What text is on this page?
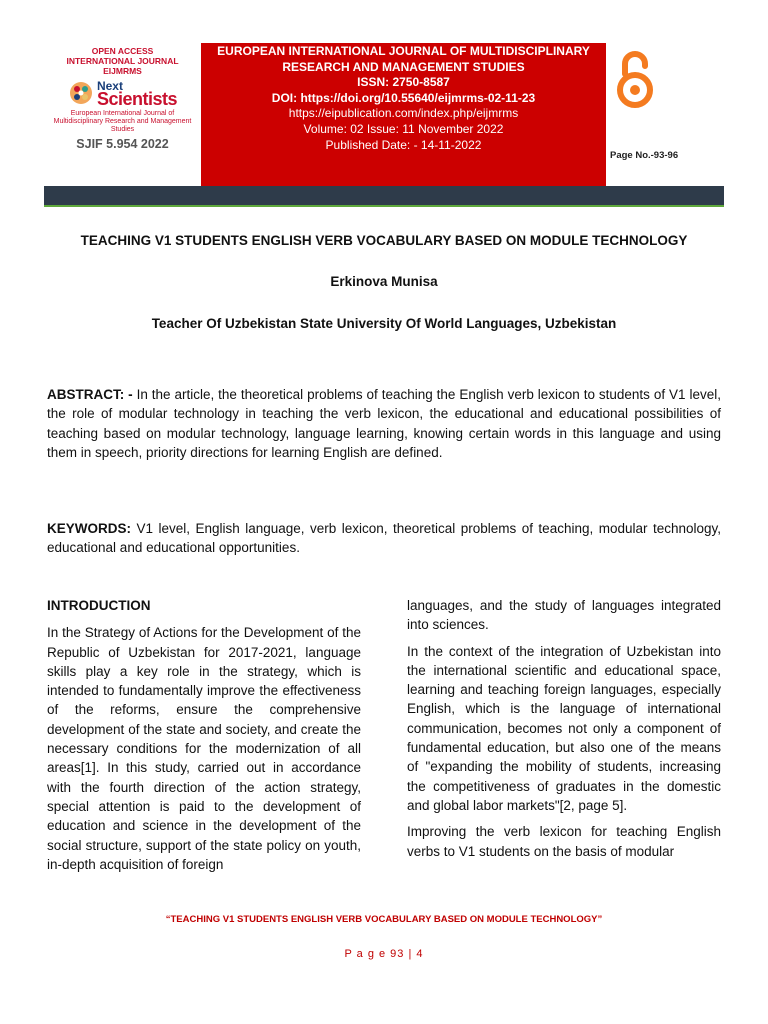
OPEN ACCESS
INTERNATIONAL JOURNAL
EIJMRMS
Next
Scientists
European International Journal of Multidisciplinary Research and Management Studies
SJIF 5.954 2022
EUROPEAN INTERNATIONAL JOURNAL OF MULTIDISCIPLINARY RESEARCH AND MANAGEMENT STUDIES
ISSN: 2750-8587
DOI: https://doi.org/10.55640/eijmrms-02-11-23
https://eipublication.com/index.php/eijmrms
Volume: 02 Issue: 11 November 2022
Published Date: - 14-11-2022
Page No.-93-96
TEACHING V1 STUDENTS ENGLISH VERB VOCABULARY BASED ON MODULE TECHNOLOGY
Erkinova Munisa
Teacher Of Uzbekistan State University Of World Languages, Uzbekistan
ABSTRACT: - In the article, the theoretical problems of teaching the English verb lexicon to students of V1 level, the role of modular technology in teaching the verb lexicon, the educational and educational possibilities of teaching based on modular technology, language learning, knowing certain words in this language and using them in speech, priority directions for learning English are defined.
KEYWORDS: V1 level, English language, verb lexicon, theoretical problems of teaching, modular technology, educational and educational opportunities.
INTRODUCTION

In the Strategy of Actions for the Development of the Republic of Uzbekistan for 2017-2021, language skills play a key role in the strategy, which is intended to fundamentally improve the effectiveness of the reforms, ensure the comprehensive development of the state and society, and create the necessary conditions for the modernization of all areas[1]. In this study, carried out in accordance with the fourth direction of the action strategy, special attention is paid to the development of education and science in the development of the social structure, support of the state policy on youth, in-depth acquisition of foreign

languages, and the study of languages integrated into sciences.

In the context of the integration of Uzbekistan into the international scientific and educational space, learning and teaching foreign languages, especially English, which is the language of international communication, becomes not only a component of fundamental education, but also one of the means of "expanding the mobility of students, increasing the competitiveness of graduates in the domestic and global labor markets"[2, page 5].

Improving the verb lexicon for teaching English verbs to V1 students on the basis of modular

“TEACHING V1 STUDENTS ENGLISH VERB VOCABULARY BASED ON MODULE TECHNOLOGY”
P a g e 93 | 4
